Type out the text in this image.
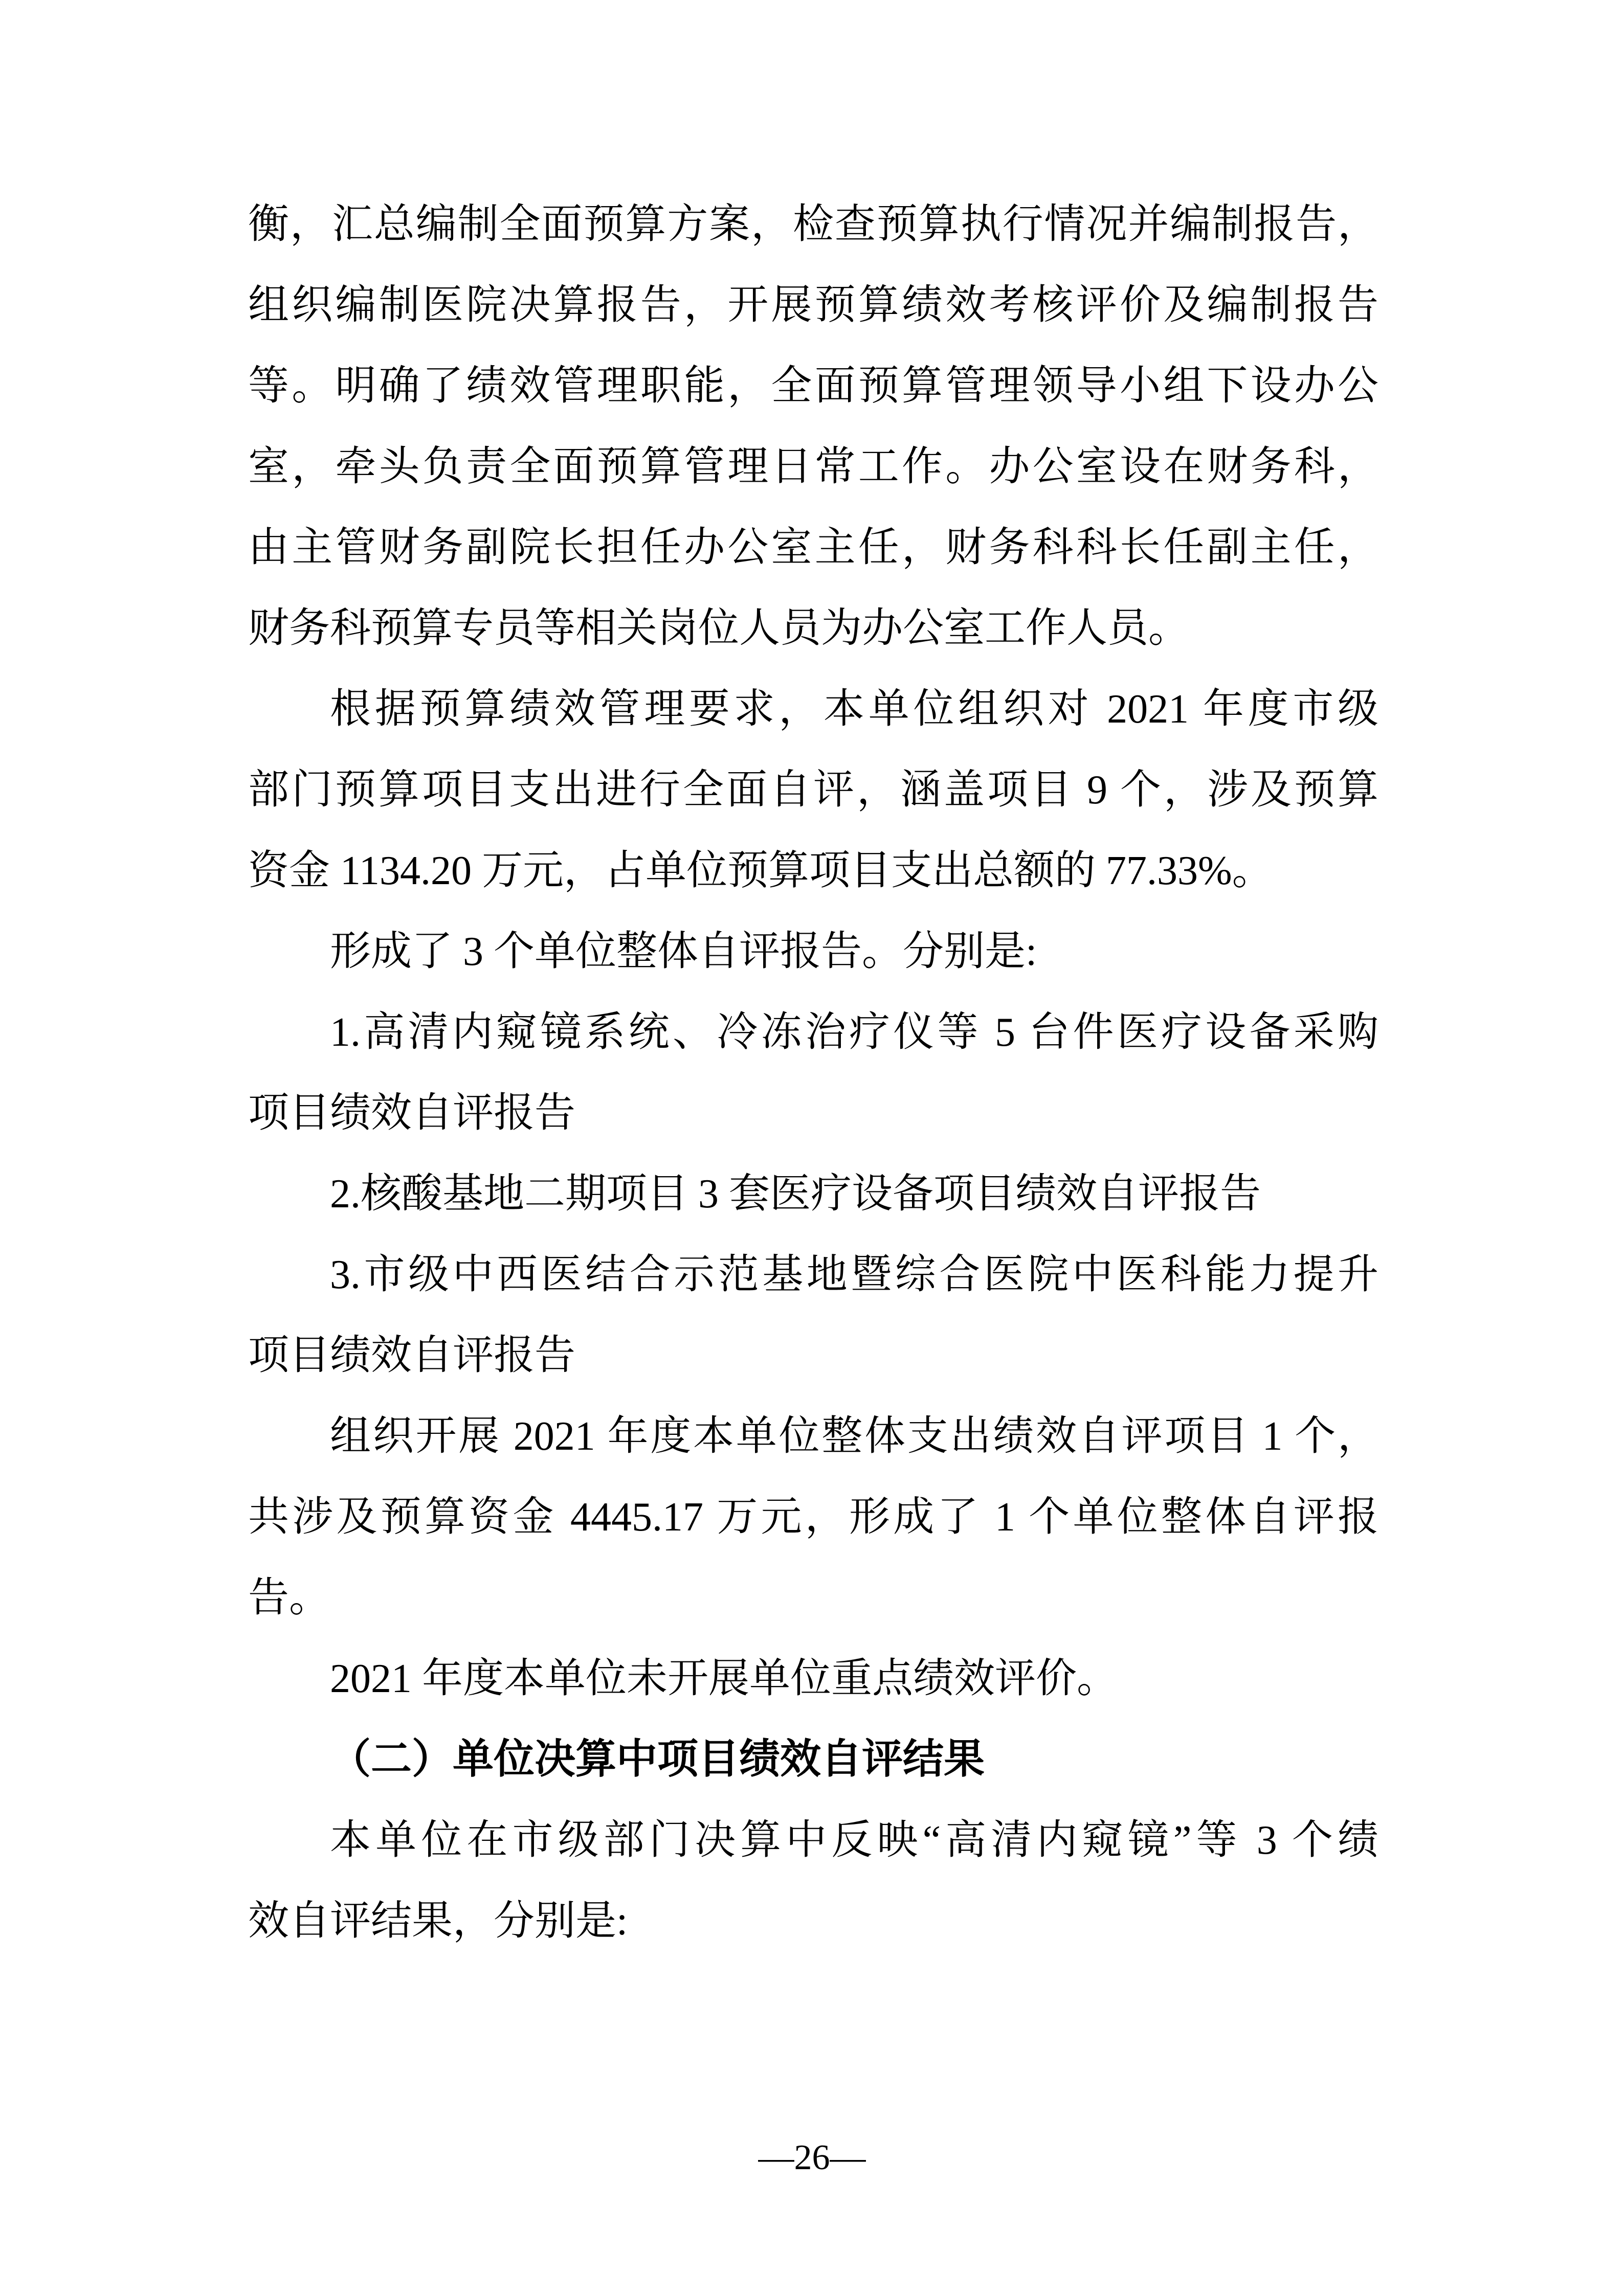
衡，汇总编制全面预算方案，检查预算执行情况并编制报告，
组织编制医院决算报告，开展预算绩效考核评价及编制报告
等。明确了绩效管理职能，全面预算管理领导小组下设办公
室，牵头负责全面预算管理日常工作。办公室设在财务科，
由主管财务副院长担任办公室主任，财务科科长任副主任，
财务科预算专员等相关岗位人员为办公室工作人员。
根据预算绩效管理要求，本单位组织对 2021 年度市级
部门预算项目支出进行全面自评，涵盖项目 9 个，涉及预算
资金 1134.20 万元，占单位预算项目支出总额的 77.33%。
形成了 3 个单位整体自评报告。分别是:
1.高清内窥镜系统、冷冻治疗仪等 5 台件医疗设备采购
项目绩效自评报告
2.核酸基地二期项目 3 套医疗设备项目绩效自评报告
3.市级中西医结合示范基地暨综合医院中医科能力提升
项目绩效自评报告
组织开展 2021 年度本单位整体支出绩效自评项目 1 个，
共涉及预算资金 4445.17 万元，形成了 1 个单位整体自评报
告。
2021 年度本单位未开展单位重点绩效评价。
（二）单位决算中项目绩效自评结果
本单位在市级部门决算中反映“高清内窥镜”等 3 个绩
效自评结果，分别是:
—26—
